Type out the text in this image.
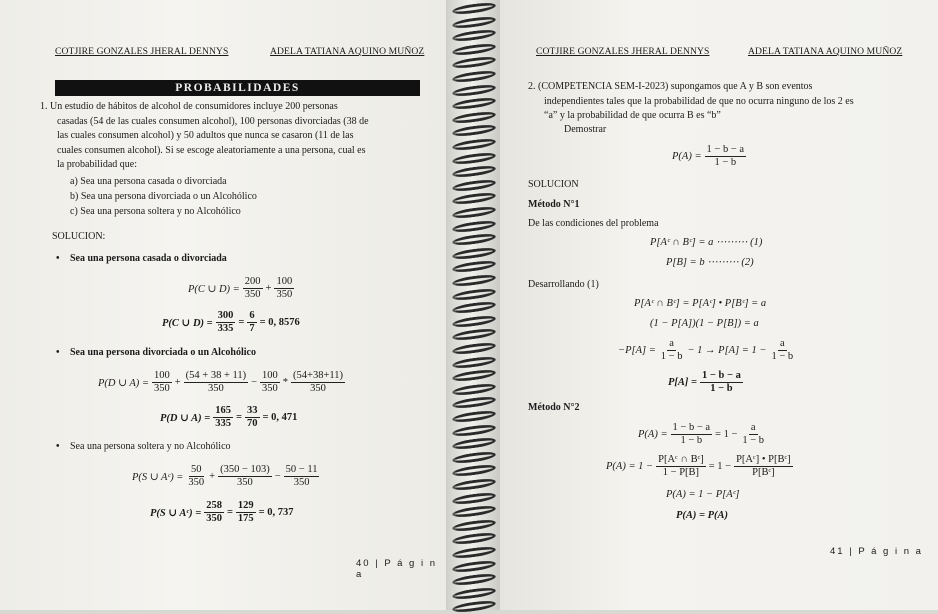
COTJIRE GONZALES JHERAL DENNYS	ADELA TATIANA AQUINO MUÑOZ
PROBABILIDADES
1. Un estudio de hábitos de alcohol de consumidores incluye 200 personas
casadas (54 de las cuales consumen alcohol), 100 personas divorciadas (38 de
las cuales consumen alcohol) y 50 adultos que nunca se casaron (11 de las
cuales consumen alcohol). Si se escoge aleatoriamente a una persona, cual es
la probabilidad que:
a) Sea una persona casada o divorciada
b) Sea una persona divorciada o un Alcohólico
c) Sea una persona soltera y no Alcohólico
SOLUCION:
• Sea una persona casada o divorciada
P(C ∪ $D) = \frac{200}{350} + \frac{100}{350}$
P(C ∪ $D) = \frac{300}{335} = \frac{6}{7} = 0$, 8576
• Sea una persona divorciada o un Alcohólico
P(D ∪ $A) = \frac{100}{350} + \frac{(54 + 38 + 11)}{350} - \frac{100}{350} * \frac{(54+38+11)}{350}$
P(D ∪ $A) = \frac{165}{335} = \frac{33}{70} = 0$, 471
• Sea una persona soltera y no Alcohólico
P(S ∪ Aᶜ) = $\frac{50}{350} + \frac{(350 - 103)}{350} - \frac{50 - 11}{350}$
P(S ∪ Aᶜ) = $\frac{258}{350} = \frac{129}{175} = 0$, 737
40 | P á g i n a
COTJIRE GONZALES JHERAL DENNYS	ADELA TATIANA AQUINO MUÑOZ
2. (COMPETENCIA SEM-I-2023) supongamos que A y B son eventos
independientes tales que la probabilidad de que no ocurra ninguno de los 2 es
“a” y la probabilidad de que ocurra B es “b”
Demostrar
$P(A) = \frac{1 - b - a}{1 - b}$
SOLUCION
Método N°1
De las condiciones del problema
P[Aᶜ ∩ Bᶜ] = a ⋯⋯⋯ (1)
P[B] = b ⋯⋯⋯ (2)
Desarrollando (1)
P[Aᶜ ∩ Bᶜ] = P[Aᶜ] • P[Bᶜ] = a
(1 − P[A])(1 − P[B]) = a
$-P[A] = \frac{a}{1 - b} - 1 \to P[A] = 1 - \frac{a}{1 - b}$
$P[A] = \frac{1 - b - a}{1 - b}$
Método N°2
$P(A) = \frac{1 - b - a}{1 - b} = 1 - \frac{a}{1 - b}$
$P(A) = 1 - \frac{\text{P[Aᶜ ∩ Bᶜ]}}{1 - P[B]} = 1 - \frac{\text{P[Aᶜ] • P[Bᶜ]}}{\text{P[Bᶜ]}}$
P(A) = 1 − P[Aᶜ]
P(A) = P(A)
41 | P á g i n a
